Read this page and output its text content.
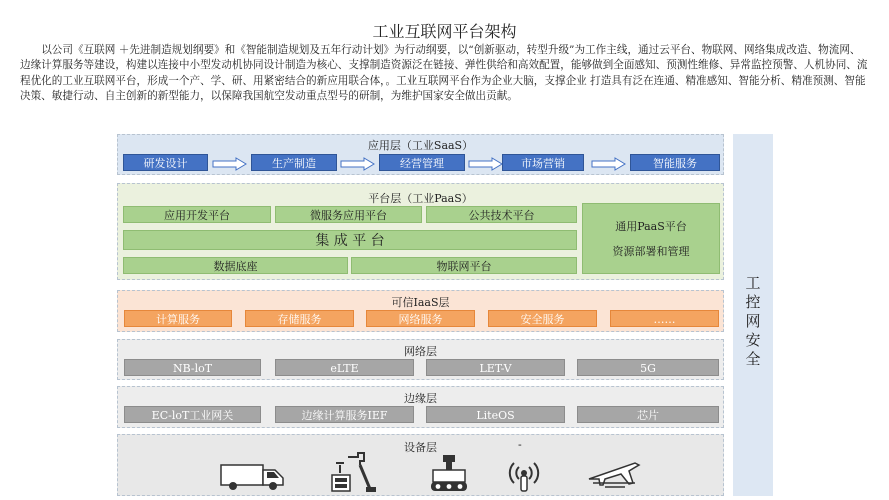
工业互联网平台架构
以公司《互联网 ＋先进制造规划纲要》和《智能制造规划及五年行动计划》为行动纲要，以“创新驱动，转型升级”为工作主线，通过云平台、物联网、网络集成改造、物流网、边缘计算服务等建设，构建以连接中小型发动机协同设计制造为核心、支撑制造资源泛在链接、弹性供给和高效配置，能够做到全面感知、预测性维修、异常监控预警、人机协同、流程优化的工业互联网平台，形成一个产、学、研、用紧密结合的新应用联合体，。工业互联网平台作为企业大脑，支撑企业 打造具有泛在连通、精准感知、智能分析、精准预测、智能决策、敏捷行动、自主创新的新型能力，以保障我国航空发动重点型号的研制，为维护国家安全做出贡献。
应用层（工业SaaS）
研发设计	生产制造	经营管理	市场营销	智能服务
平台层（工业PaaS）
应用开发平台	微服务应用平台	公共技术平台
集 成 平 台
数据底座	物联网平台
通用PaaS平台
资源部署和管理
可信IaaS层
计算服务	存储服务	网络服务	安全服务	……
网络层
NB-loT	eLTE	LET-V	5G
边缘层
EC-loT工业网关	边缘计算服务IEF	LiteOS	芯片
设备层	-
工控网安全
